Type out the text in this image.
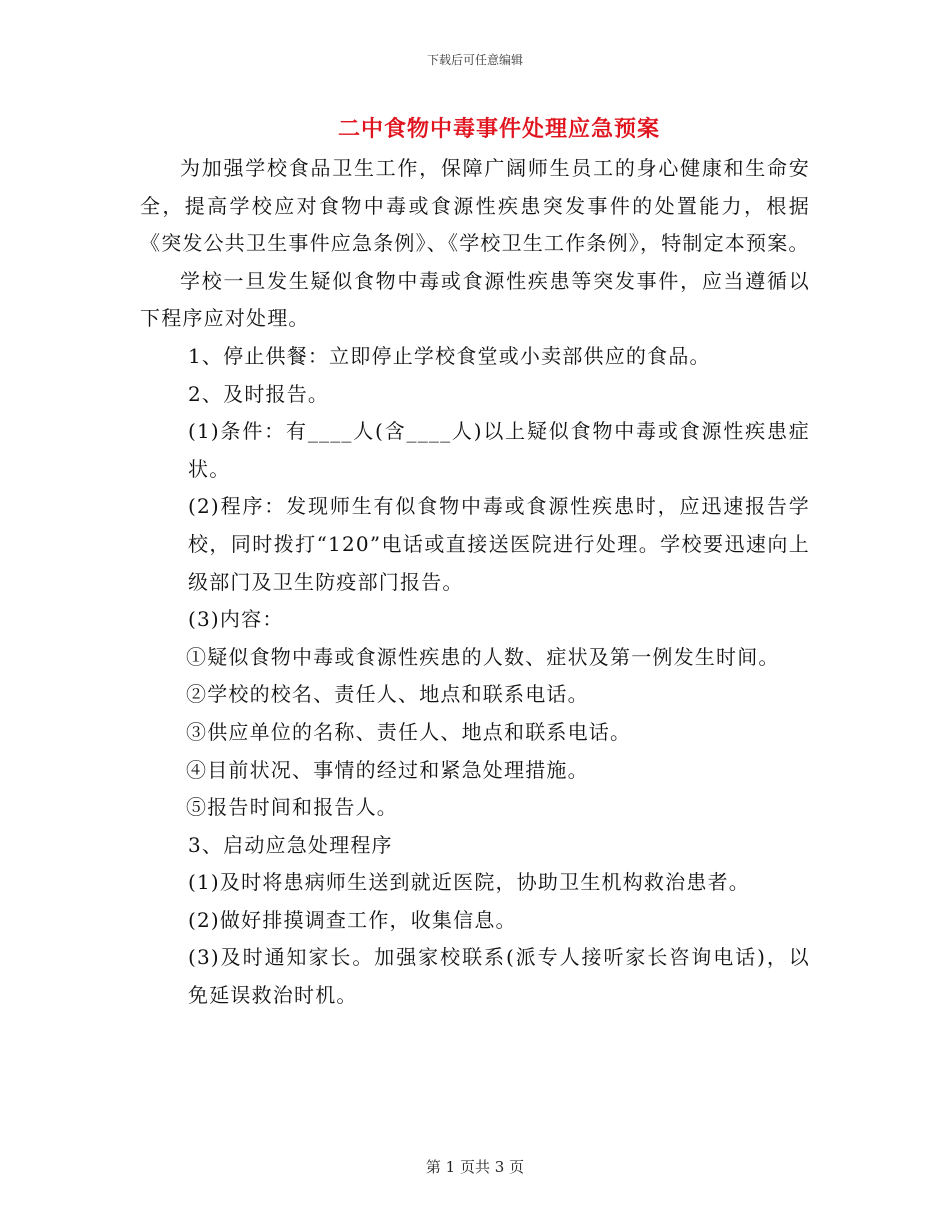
下载后可任意编辑
二中食物中毒事件处理应急预案

为加强学校食品卫生工作，保障广阔师生员工的身心健康和生命安全，提高学校应对食物中毒或食源性疾患突发事件的处置能力，根据《突发公共卫生事件应急条例》、《学校卫生工作条例》，特制定本预案。

学校一旦发生疑似食物中毒或食源性疾患等突发事件，应当遵循以下程序应对处理。

1、停止供餐：立即停止学校食堂或小卖部供应的食品。

2、及时报告。

(1)条件：有____人(含____人)以上疑似食物中毒或食源性疾患症状。

(2)程序：发现师生有似食物中毒或食源性疾患时，应迅速报告学校，同时拨打“120”电话或直接送医院进行处理。学校要迅速向上级部门及卫生防疫部门报告。

(3)内容：

①疑似食物中毒或食源性疾患的人数、症状及第一例发生时间。

②学校的校名、责任人、地点和联系电话。

③供应单位的名称、责任人、地点和联系电话。

④目前状况、事情的经过和紧急处理措施。

⑤报告时间和报告人。

3、启动应急处理程序

(1)及时将患病师生送到就近医院，协助卫生机构救治患者。

(2)做好排摸调查工作，收集信息。

(3)及时通知家长。加强家校联系(派专人接听家长咨询电话)，以免延误救治时机。

第 1 页共 3 页
